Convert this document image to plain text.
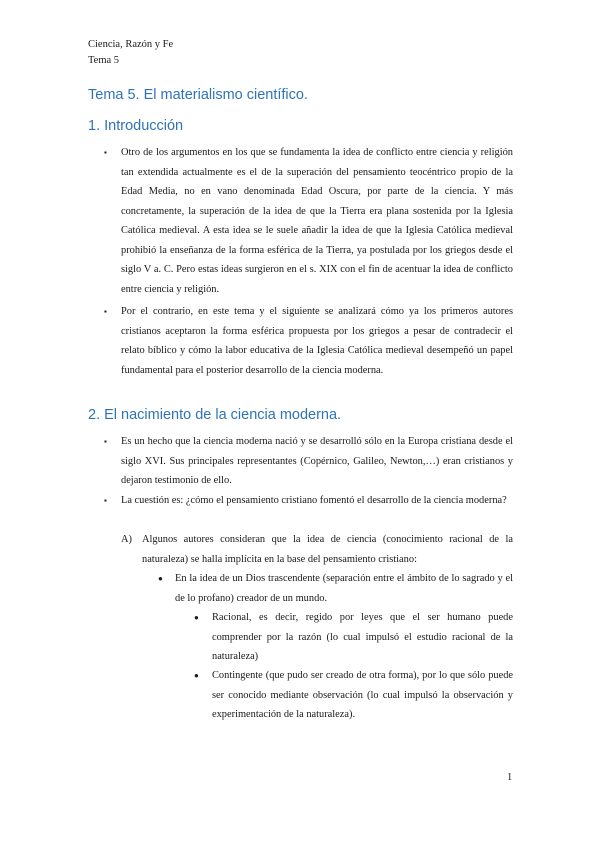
Ciencia, Razón y Fe
Tema 5
Tema 5. El materialismo científico.
1. Introducción
▪ Otro de los argumentos en los que se fundamenta la idea de conflicto entre ciencia y religión tan extendida actualmente es el de la superación del pensamiento teocéntrico propio de la Edad Media, no en vano denominada Edad Oscura, por parte de la ciencia. Y más concretamente, la superación de la idea de que la Tierra era plana sostenida por la Iglesia Católica medieval. A esta idea se le suele añadir la idea de que la Iglesia Católica medieval prohibió la enseñanza de la forma esférica de la Tierra, ya postulada por los griegos desde el siglo V a. C. Pero estas ideas surgieron en el s. XIX con el fin de acentuar la idea de conflicto entre ciencia y religión.

▪ Por el contrario, en este tema y el siguiente se analizará cómo ya los primeros autores cristianos aceptaron la forma esférica propuesta por los griegos a pesar de contradecir el relato bíblico y cómo la labor educativa de la Iglesia Católica medieval desempeñó un papel fundamental para el posterior desarrollo de la ciencia moderna.

2. El nacimiento de la ciencia moderna.
▪ Es un hecho que la ciencia moderna nació y se desarrolló sólo en la Europa cristiana desde el siglo XVI. Sus principales representantes (Copérnico, Galileo, Newton,…) eran cristianos y dejaron testimonio de ello.

▪ La cuestión es: ¿cómo el pensamiento cristiano fomentó el desarrollo de la ciencia moderna?

A) Algunos autores consideran que la idea de ciencia (conocimiento racional de la naturaleza) se halla implícita en la base del pensamiento cristiano:

● En la idea de un Dios trascendente (separación entre el ámbito de lo sagrado y el de lo profano) creador de un mundo.

● Racional, es decir, regido por leyes que el ser humano puede comprender por la razón (lo cual impulsó el estudio racional de la naturaleza)

● Contingente (que pudo ser creado de otra forma), por lo que sólo puede ser conocido mediante observación (lo cual impulsó la observación y experimentación de la naturaleza).

1
